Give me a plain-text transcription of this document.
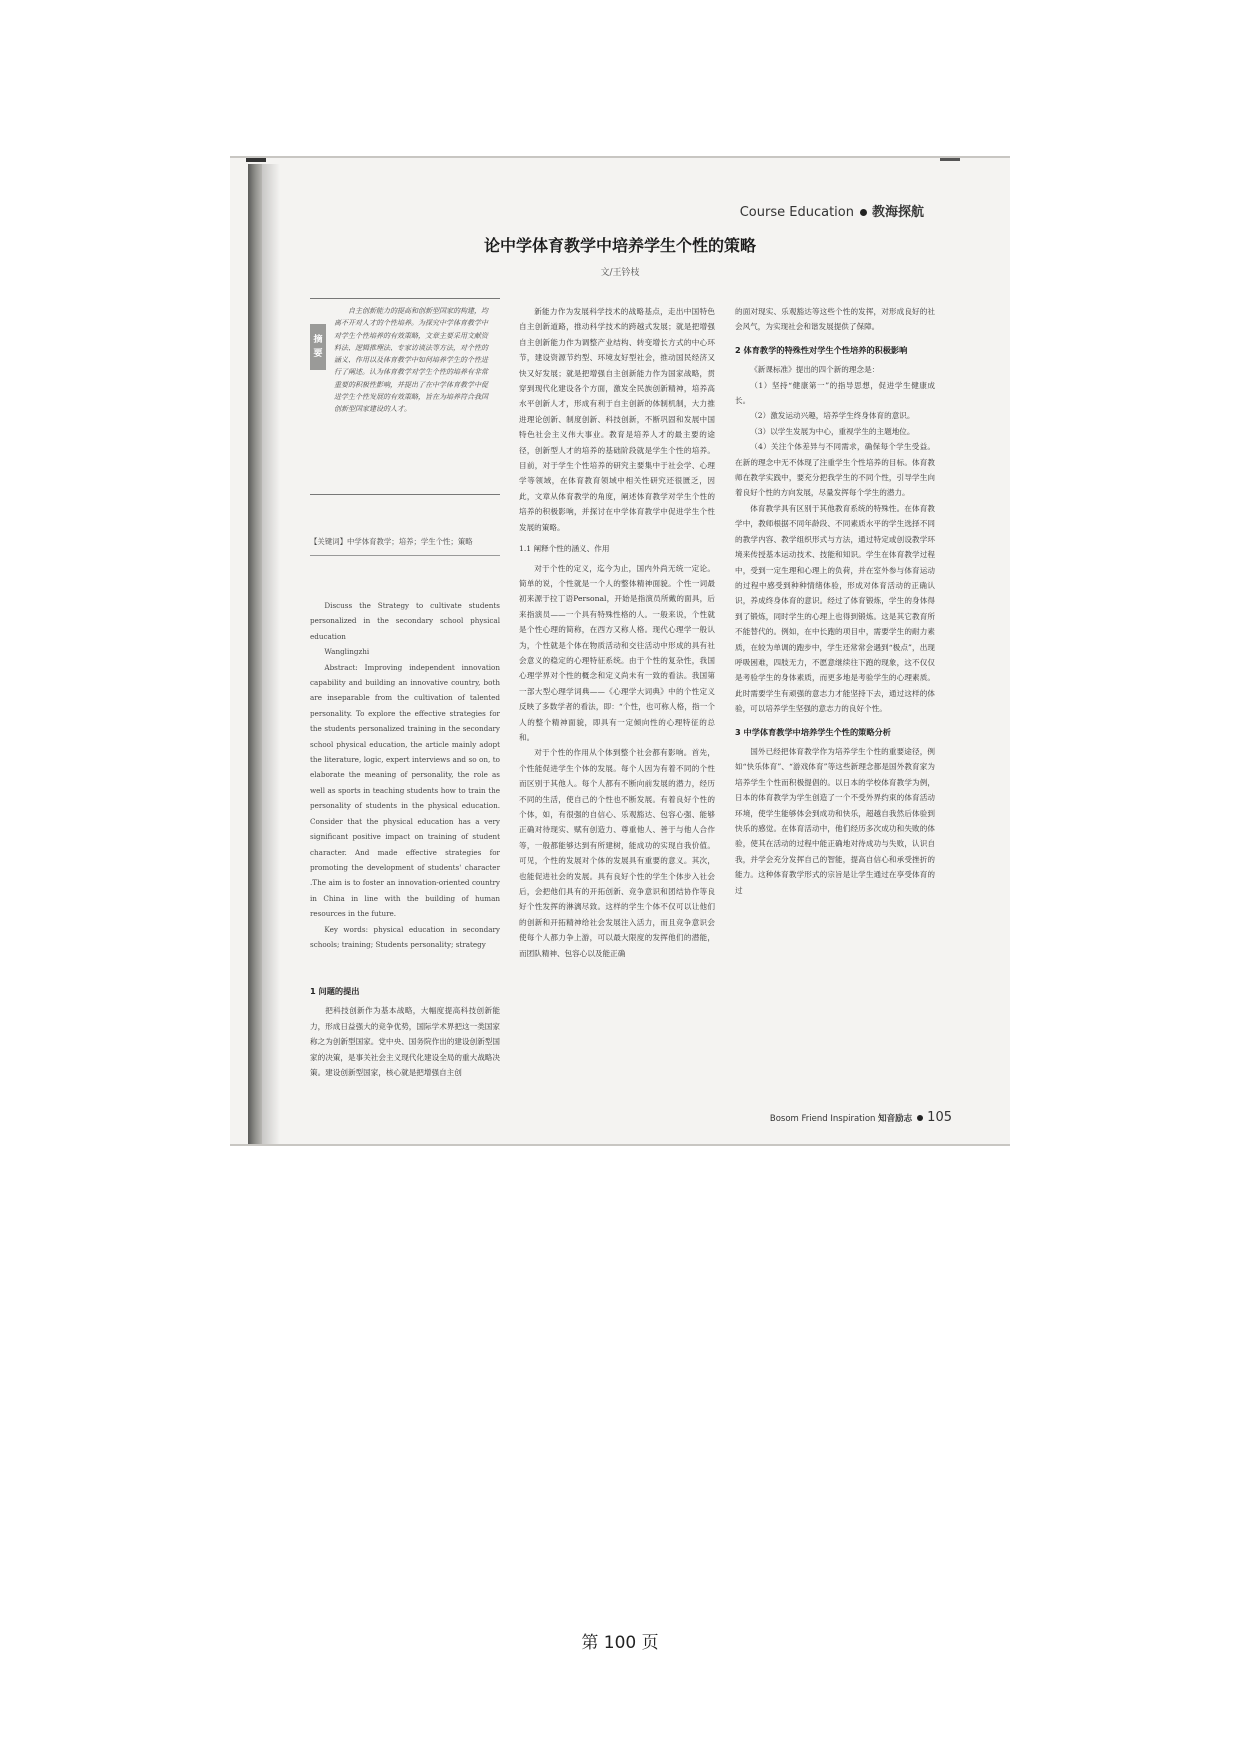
Course Education 教海探航
论中学体育教学中培养学生个性的策略
文/王钤枝
摘
要
自主创新能力的提高和创新型国家的构建，均离不开对人才的个性培养。为探究中学体育教学中对学生个性培养的有效策略，文章主要采用文献资料法、逻辑推理法、专家访谈法等方法，对个性的涵义、作用以及体育教学中如何培养学生的个性进行了阐述。认为体育教学对学生个性的培养有非常重要的积极性影响，并提出了在中学体育教学中促进学生个性发展的有效策略，旨在为培养符合我国创新型国家建设的人才。
【关键词】中学体育教学；培养；学生个性；策略

Discuss the Strategy to cultivate students personalized in the secondary school physical education

Wanglingzhi

Abstract: Improving independent innovation capability and building an innovative country, both are inseparable from the cultivation of talented personality. To explore the effective strategies for the students personalized training in the secondary school physical education, the article mainly adopt the literature, logic, expert interviews and so on, to elaborate the meaning of personality, the role as well as sports in teaching students how to train the personality of students in the physical education. Consider that the physical education has a very significant positive impact on training of student character. And made effective strategies for promoting the development of students' character .The aim is to foster an innovation-oriented country in China in line with the building of human resources in the future.

Key words: physical education in secondary schools; training; Students personality; strategy

1 问题的提出

把科技创新作为基本战略，大幅度提高科技创新能力，形成日益强大的竞争优势，国际学术界把这一类国家称之为创新型国家。党中央、国务院作出的建设创新型国家的决策，是事关社会主义现代化建设全局的重大战略决策。建设创新型国家，核心就是把增强自主创

新能力作为发展科学技术的战略基点，走出中国特色自主创新道路，推动科学技术的跨越式发展；就是把增强自主创新能力作为调整产业结构、转变增长方式的中心环节，建设资源节约型、环境友好型社会，推动国民经济又快又好发展；就是把增强自主创新能力作为国家战略，贯穿到现代化建设各个方面，激发全民族创新精神，培养高水平创新人才，形成有利于自主创新的体制机制，大力推进理论创新、制度创新、科技创新，不断巩固和发展中国特色社会主义伟大事业。教育是培养人才的最主要的途径，创新型人才的培养的基础阶段就是学生个性的培养。目前，对于学生个性培养的研究主要集中于社会学、心理学等领域，在体育教育领域中相关性研究还很匮乏，因此，文章从体育教学的角度，阐述体育教学对学生个性的培养的积极影响，并探讨在中学体育教学中促进学生个性发展的策略。

1.1 阐释个性的涵义、作用

对于个性的定义，迄今为止，国内外尚无统一定论。简单的说，个性就是一个人的整体精神面貌。个性一词最初来源于拉丁语Personal，开始是指演员所戴的面具，后来指演员——一个具有特殊性格的人。一般来说，个性就是个性心理的简称，在西方又称人格。现代心理学一般认为，个性就是个体在物质活动和交往活动中形成的具有社会意义的稳定的心理特征系统。由于个性的复杂性，我国心理学界对个性的概念和定义尚未有一致的看法。我国第一部大型心理学词典——《心理学大词典》中的个性定义反映了多数学者的看法，即：“个性，也可称人格，指一个人的整个精神面貌，即具有一定倾向性的心理特征的总和。

对于个性的作用从个体到整个社会都有影响。首先，个性能促进学生个体的发展。每个人因为有着不同的个性而区别于其他人。每个人都有不断向前发展的潜力，经历不同的生活，使自己的个性也不断发展。有着良好个性的个体，如，有很强的自信心、乐观豁达、包容心强、能够正确对待现实、赋有创造力、尊重他人、善于与他人合作等，一般都能够达到有所建树，能成功的实现自我价值。可见，个性的发展对个体的发展具有重要的意义。其次，也能促进社会的发展。具有良好个性的学生个体步入社会后，会把他们具有的开拓创新、竞争意识和团结协作等良好个性发挥的淋漓尽致。这样的学生个体不仅可以让他们的创新和开拓精神给社会发展注入活力，而且竞争意识会使每个人都力争上游，可以最大限度的发挥他们的潜能，而团队精神、包容心以及能正确

的面对现实、乐观豁达等这些个性的发挥，对形成良好的社会风气，为实现社会和谐发展提供了保障。

2 体育教学的特殊性对学生个性培养的积极影响

《新课标准》提出的四个新的理念是：

（1）坚持“健康第一”的指导思想，促进学生健康成长。

（2）激发运动兴趣，培养学生终身体育的意识。

（3）以学生发展为中心，重视学生的主题地位。

（4）关注个体差异与不同需求，确保每个学生受益。在新的理念中无不体现了注重学生个性培养的目标。体育教师在教学实践中，要充分把我学生的不同个性，引导学生向着良好个性的方向发展，尽量发挥每个学生的潜力。

体育教学具有区别于其他教育系统的特殊性。在体育教学中，教师根据不同年龄段、不同素质水平的学生选择不同的教学内容、教学组织形式与方法，通过特定或创设教学环境来传授基本运动技术、技能和知识。学生在体育教学过程中，受到一定生理和心理上的负荷，并在室外参与体育运动的过程中感受到种种情绪体验，形成对体育活动的正确认识，养成终身体育的意识。经过了体育锻炼，学生的身体得到了锻炼，同时学生的心理上也得到锻炼。这是其它教育所不能替代的。例如，在中长跑的项目中，需要学生的耐力素质，在较为单调的跑步中，学生还常常会遇到“极点”，出现呼吸困难，四肢无力，不愿意继续往下跑的现象，这不仅仅是考验学生的身体素质，而更多地是考验学生的心理素质。此时需要学生有顽强的意志力才能坚持下去，通过这样的体验，可以培养学生坚强的意志力的良好个性。

3 中学体育教学中培养学生个性的策略分析

国外已经把体育教学作为培养学生个性的重要途径，例如“快乐体育”、“游戏体育”等这些新理念都是国外教育家为培养学生个性而积极提倡的。以日本的学校体育教学为例，日本的体育教学为学生创造了一个不受外界约束的体育活动环境，使学生能够体会到成功和快乐，超越自我然后体验到快乐的感觉。在体育活动中，他们经历多次成功和失败的体验，使其在活动的过程中能正确地对待成功与失败，认识自我，并学会充分发挥自己的智能，提高自信心和承受挫折的能力。这种体育教学形式的宗旨是让学生通过在享受体育的过

Bosom Friend Inspiration 知音励志 105
第 100 页
